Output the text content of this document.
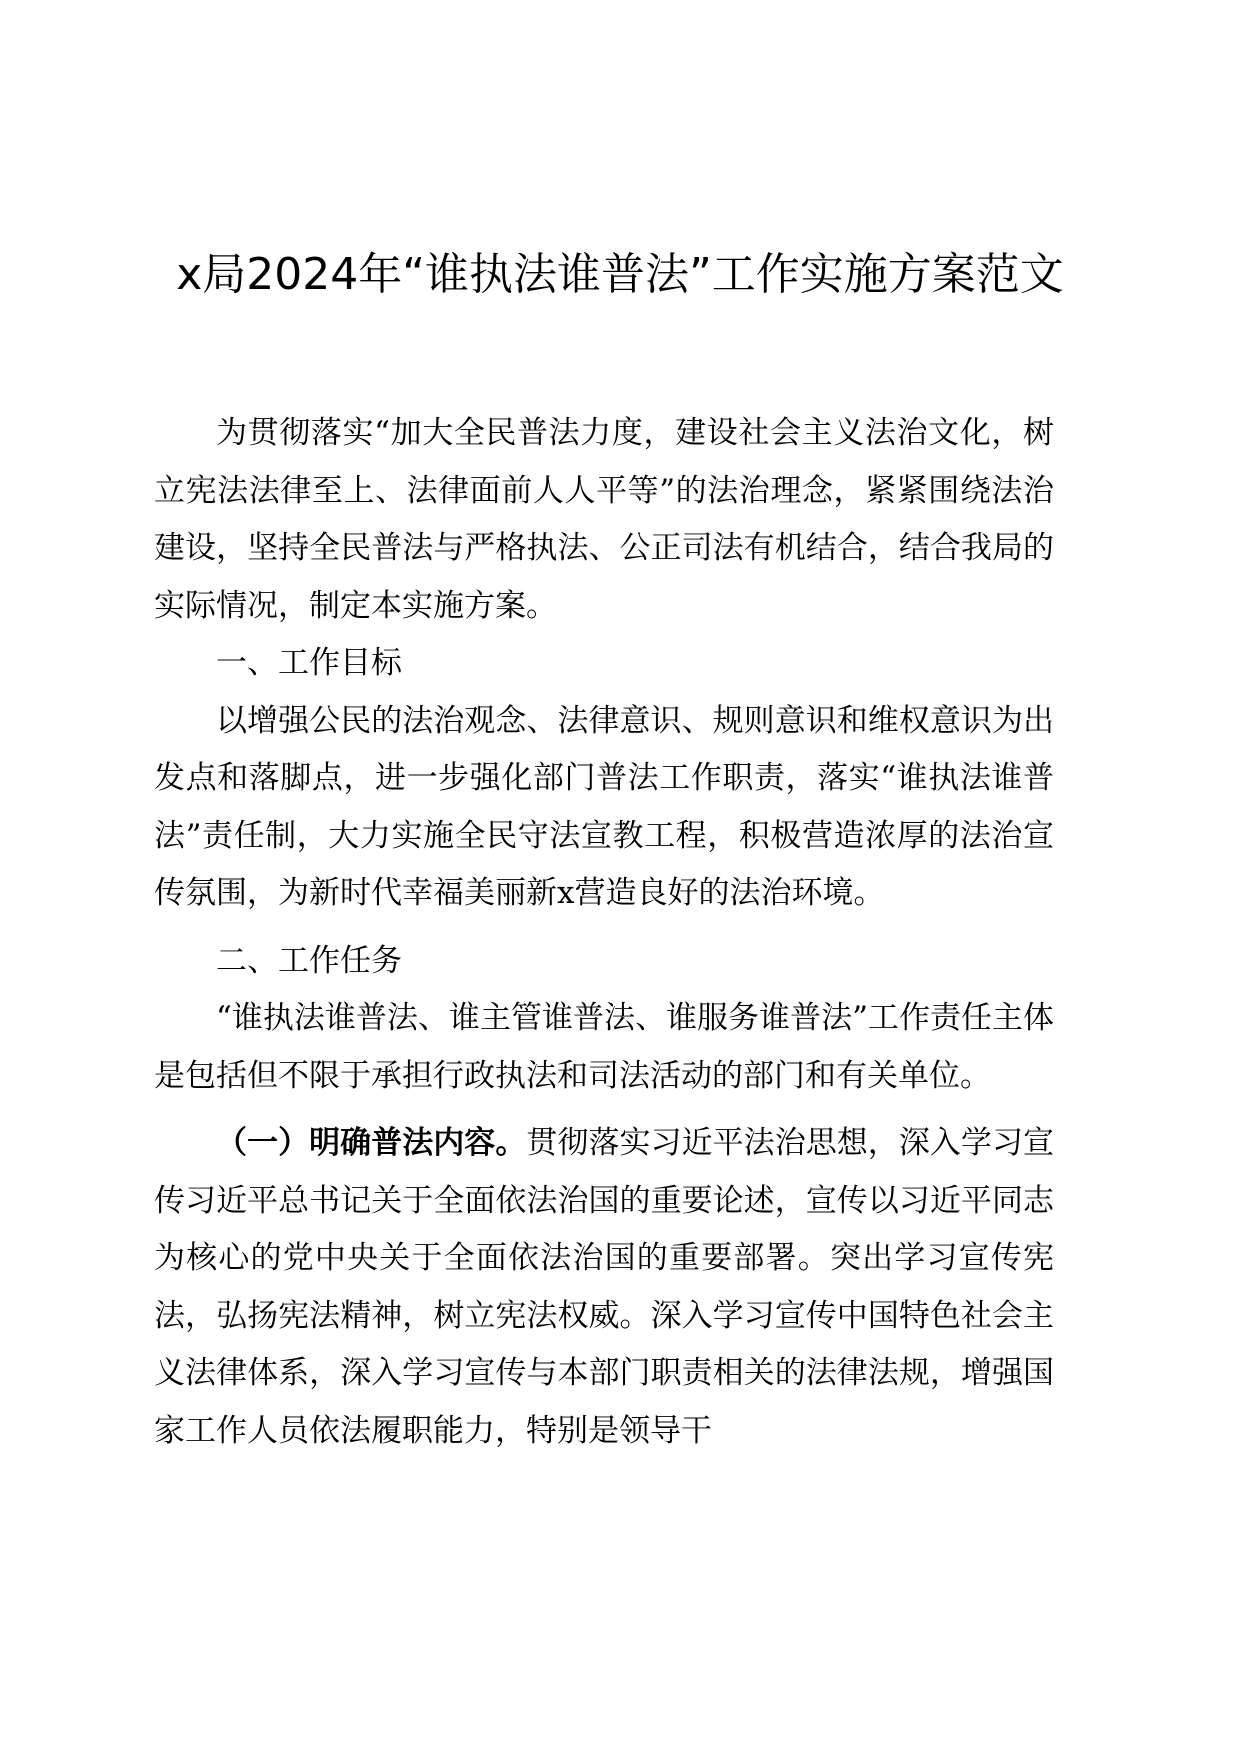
x局2024年“谁执法谁普法”工作实施方案范文

为贯彻落实“加大全民普法力度，建设社会主义法治文化，树立宪法法律至上、法律面前人人平等”的法治理念，紧紧围绕法治建设，坚持全民普法与严格执法、公正司法有机结合，结合我局的实际情况，制定本实施方案。

一、工作目标

以增强公民的法治观念、法律意识、规则意识和维权意识为出发点和落脚点，进一步强化部门普法工作职责，落实“谁执法谁普法”责任制，大力实施全民守法宣教工程，积极营造浓厚的法治宣传氛围，为新时代幸福美丽新x营造良好的法治环境。

二、工作任务

“谁执法谁普法、谁主管谁普法、谁服务谁普法”工作责任主体是包括但不限于承担行政执法和司法活动的部门和有关单位。

（一）明确普法内容。贯彻落实习近平法治思想，深入学习宣传习近平总书记关于全面依法治国的重要论述，宣传以习近平同志为核心的党中央关于全面依法治国的重要部署。突出学习宣传宪法，弘扬宪法精神，树立宪法权威。深入学习宣传中国特色社会主义法律体系，深入学习宣传与本部门职责相关的法律法规，增强国家工作人员依法履职能力，特别是领导干
